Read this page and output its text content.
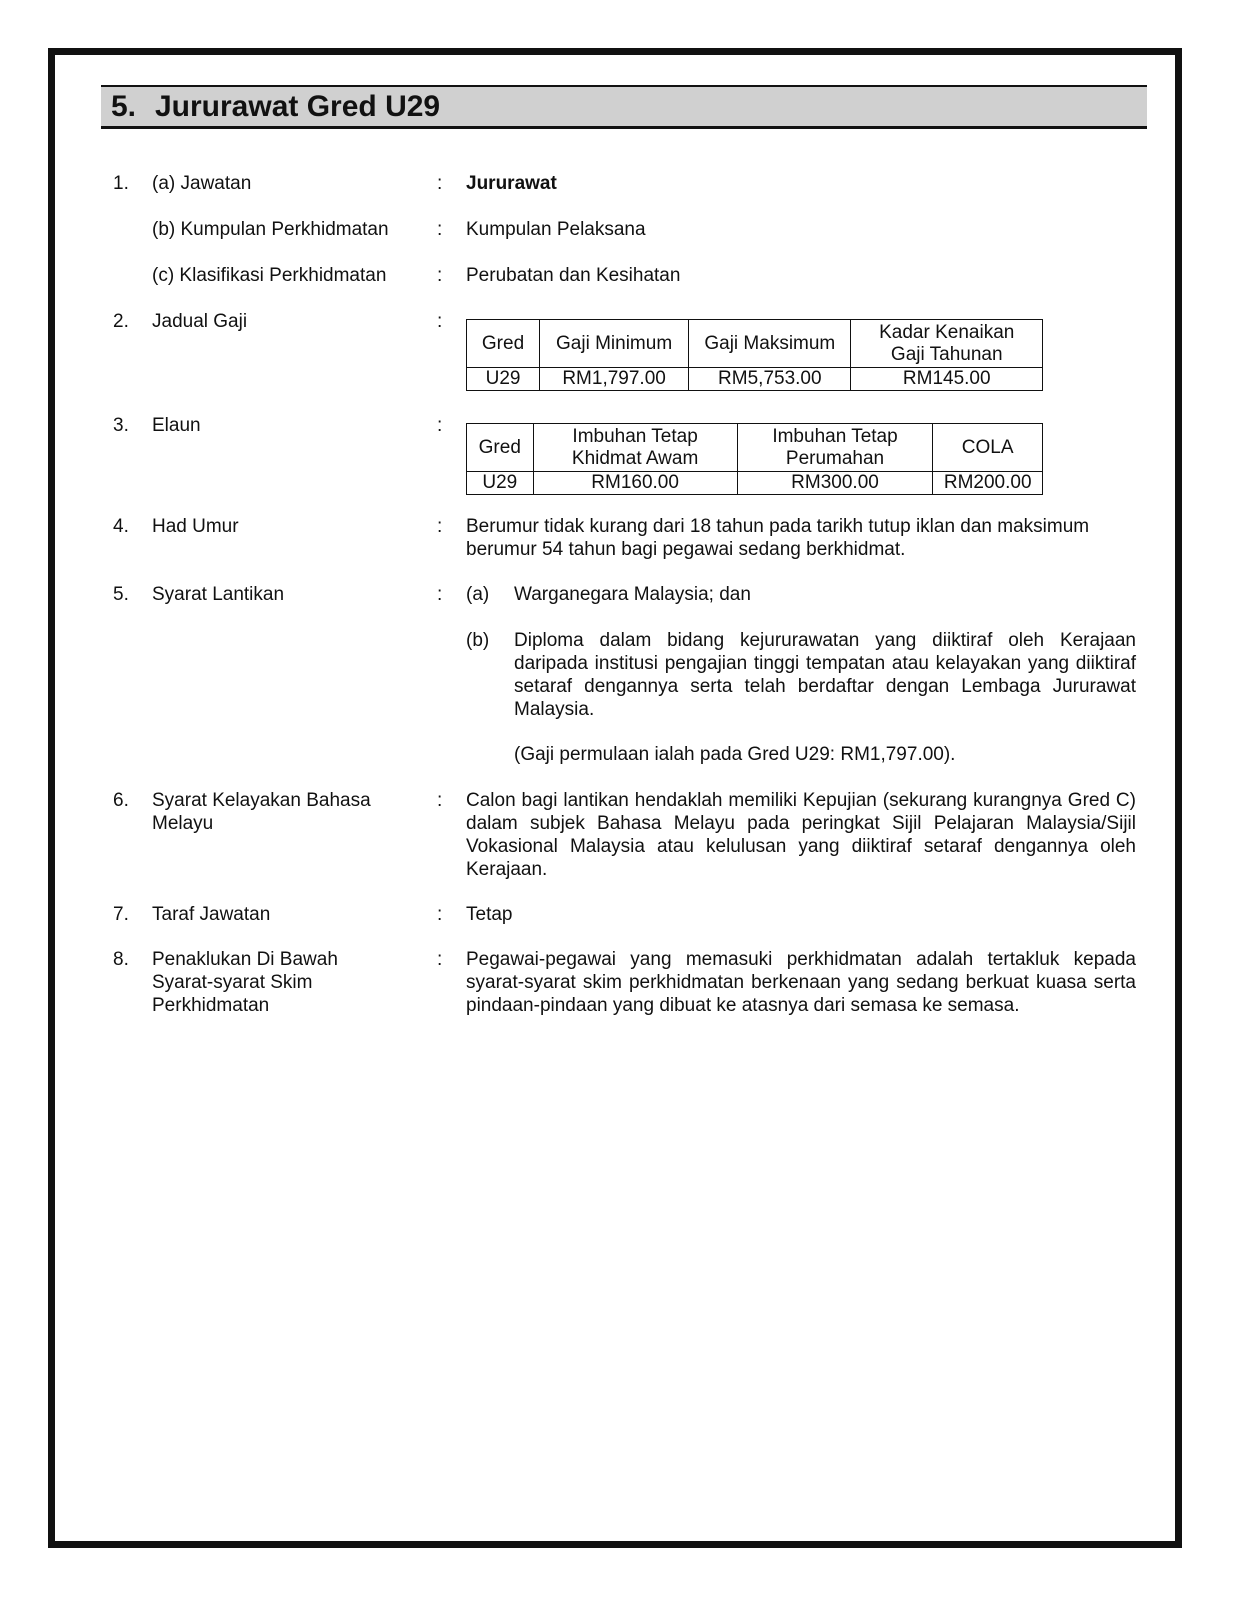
5. Jururawat Gred U29
1. (a) Jawatan	: Jururawat
(b) Kumpulan Perkhidmatan	: Kumpulan Pelaksana
(c) Klasifikasi Perkhidmatan	: Perubatan dan Kesihatan
2. Jadual Gaji	:
Gred	Gaji Minimum	Gaji Maksimum	Kadar Kenaikan Gaji Tahunan
U29	RM1,797.00	RM5,753.00	RM145.00
3. Elaun	:
Gred	Imbuhan Tetap Khidmat Awam	Imbuhan Tetap Perumahan	COLA
U29	RM160.00	RM300.00	RM200.00
4. Had Umur	: Berumur tidak kurang dari 18 tahun pada tarikh tutup iklan dan maksimum berumur 54 tahun bagi pegawai sedang berkhidmat.
5. Syarat Lantikan	: (a) Warganegara Malaysia; dan
(b) Diploma dalam bidang kejururawatan yang diiktiraf oleh Kerajaan daripada institusi pengajian tinggi tempatan atau kelayakan yang diiktiraf setaraf dengannya serta telah berdaftar dengan Lembaga Jururawat Malaysia.
(Gaji permulaan ialah pada Gred U29: RM1,797.00).
6. Syarat Kelayakan Bahasa Melayu
: Calon bagi lantikan hendaklah memiliki Kepujian (sekurang kurangnya Gred C) dalam subjek Bahasa Melayu pada peringkat Sijil Pelajaran Malaysia/Sijil Vokasional Malaysia atau kelulusan yang diiktiraf setaraf dengannya oleh Kerajaan.
7. Taraf Jawatan	: Tetap
8. Penaklukan Di Bawah Syarat-syarat Skim Perkhidmatan
: Pegawai-pegawai yang memasuki perkhidmatan adalah tertakluk kepada syarat-syarat skim perkhidmatan berkenaan yang sedang berkuat kuasa serta pindaan-pindaan yang dibuat ke atasnya dari semasa ke semasa.
